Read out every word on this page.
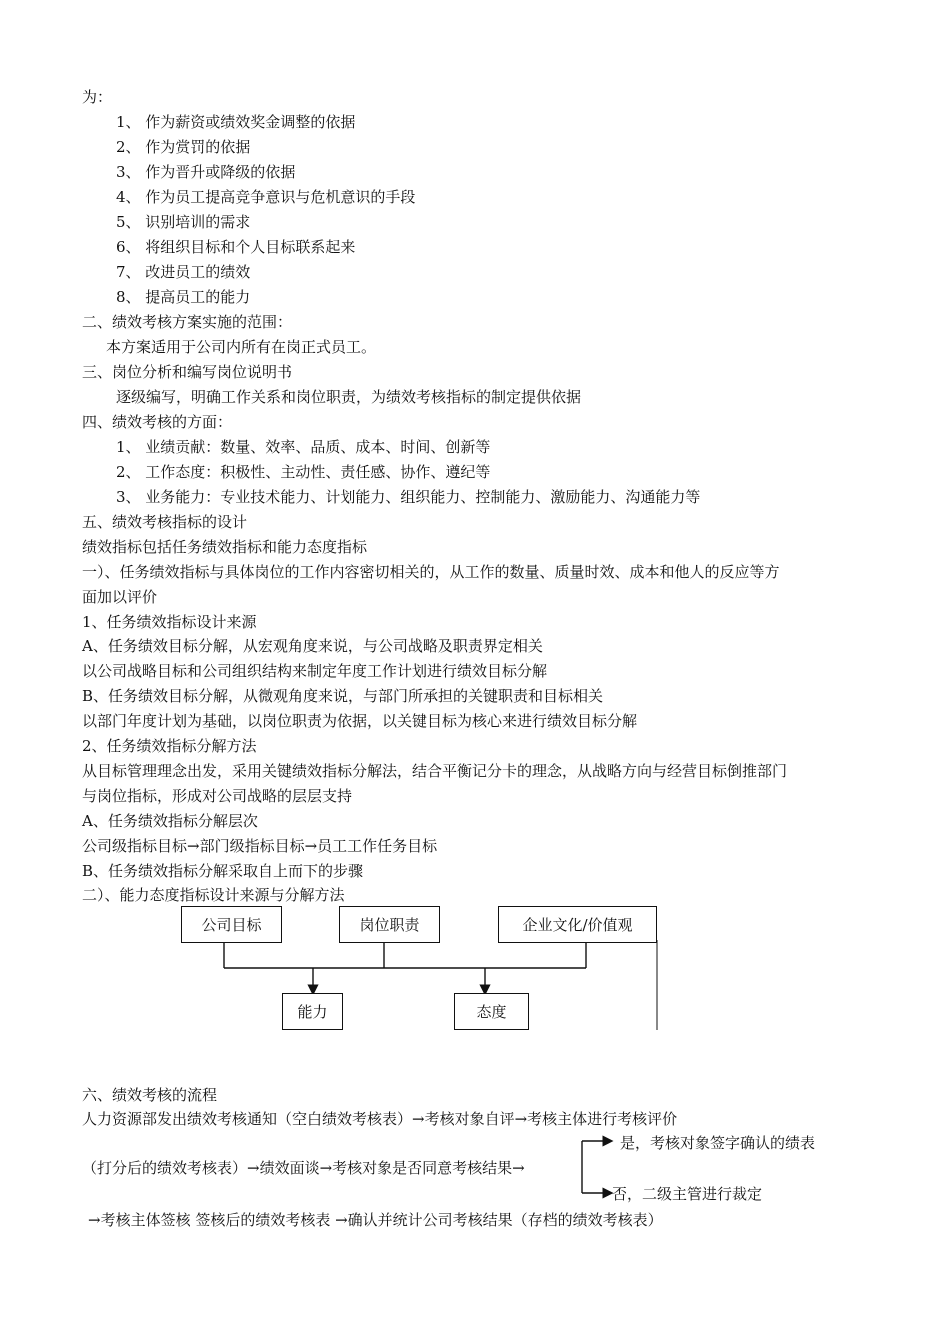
为：
1、 作为薪资或绩效奖金调整的依据
2、 作为赏罚的依据
3、 作为晋升或降级的依据
4、 作为员工提高竞争意识与危机意识的手段
5、 识别培训的需求
6、 将组织目标和个人目标联系起来
7、 改进员工的绩效
8、 提高员工的能力
二、绩效考核方案实施的范围：
本方案适用于公司内所有在岗正式员工。
三、岗位分析和编写岗位说明书
逐级编写，明确工作关系和岗位职责，为绩效考核指标的制定提供依据
四、绩效考核的方面：
1、 业绩贡献：数量、效率、品质、成本、时间、创新等
2、 工作态度：积极性、主动性、责任感、协作、遵纪等
3、 业务能力：专业技术能力、计划能力、组织能力、控制能力、激励能力、沟通能力等
五、绩效考核指标的设计
绩效指标包括任务绩效指标和能力态度指标
一）、任务绩效指标与具体岗位的工作内容密切相关的，从工作的数量、质量时效、成本和他人的反应等方
面加以评价
1、任务绩效指标设计来源
A、任务绩效目标分解，从宏观角度来说，与公司战略及职责界定相关
以公司战略目标和公司组织结构来制定年度工作计划进行绩效目标分解
B、任务绩效目标分解，从微观角度来说，与部门所承担的关键职责和目标相关
以部门年度计划为基础，以岗位职责为依据，以关键目标为核心来进行绩效目标分解
2、任务绩效指标分解方法
从目标管理理念出发，采用关键绩效指标分解法，结合平衡记分卡的理念，从战略方向与经营目标倒推部门
与岗位指标，形成对公司战略的层层支持
A、任务绩效指标分解层次
公司级指标目标→部门级指标目标→员工工作任务目标
B、任务绩效指标分解采取自上而下的步骤
二）、能力态度指标设计来源与分解方法
公司目标	岗位职责	企业文化/价值观
能力	态度
六、绩效考核的流程
人力资源部发出绩效考核通知（空白绩效考核表）→考核对象自评→考核主体进行考核评价
是，考核对象签字确认的绩表
（打分后的绩效考核表）→绩效面谈→考核对象是否同意考核结果→
否，二级主管进行裁定
→考核主体签核 签核后的绩效考核表 →确认并统计公司考核结果（存档的绩效考核表）
